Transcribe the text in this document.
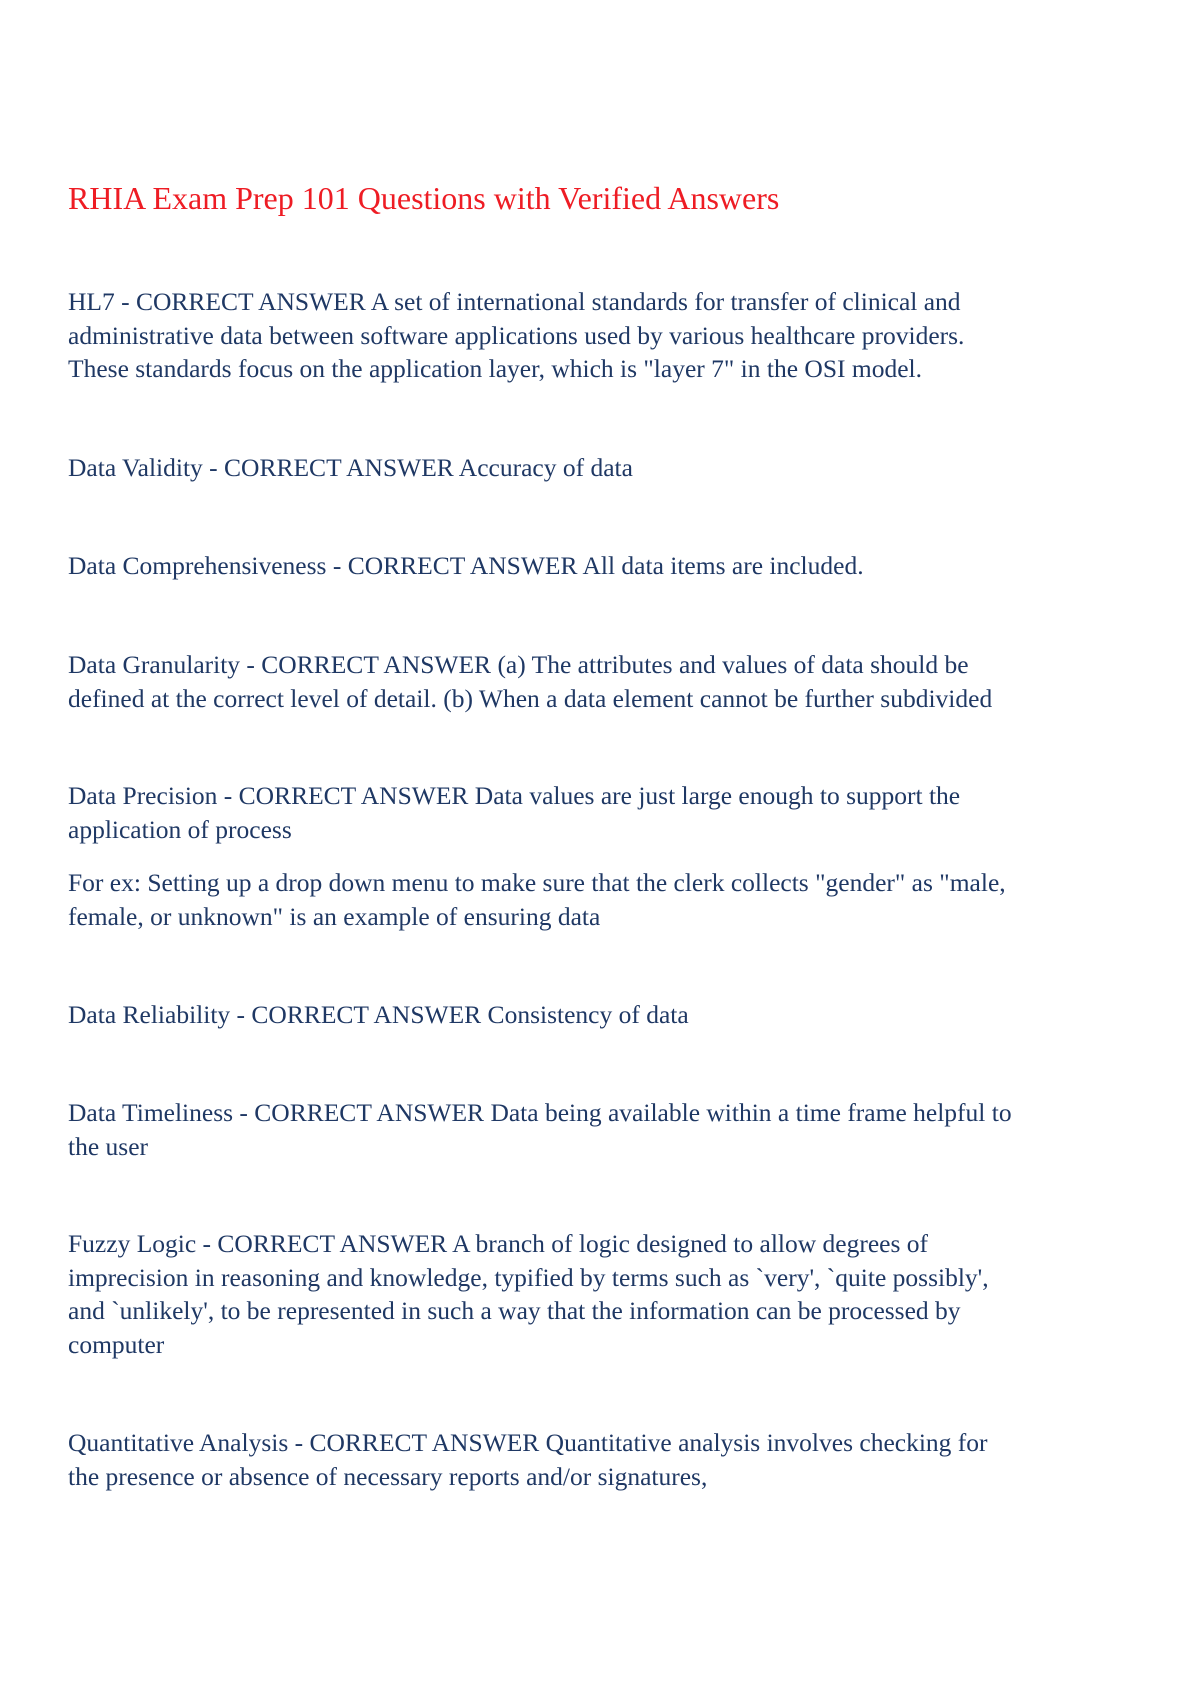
RHIA Exam Prep 101 Questions with Verified Answers

HL7 - CORRECT ANSWER A set of international standards for transfer of clinical and
administrative data between software applications used by various healthcare providers.
These standards focus on the application layer, which is "layer 7" in the OSI model.

Data Validity - CORRECT ANSWER Accuracy of data

Data Comprehensiveness - CORRECT ANSWER All data items are included.

Data Granularity - CORRECT ANSWER (a) The attributes and values of data should be
defined at the correct level of detail. (b) When a data element cannot be further subdivided

Data Precision - CORRECT ANSWER Data values are just large enough to support the
application of process

For ex: Setting up a drop down menu to make sure that the clerk collects "gender" as "male,
female, or unknown" is an example of ensuring data

Data Reliability - CORRECT ANSWER Consistency of data

Data Timeliness - CORRECT ANSWER Data being available within a time frame helpful to
the user

Fuzzy Logic - CORRECT ANSWER A branch of logic designed to allow degrees of
imprecision in reasoning and knowledge, typified by terms such as `very', `quite possibly',
and `unlikely', to be represented in such a way that the information can be processed by
computer

Quantitative Analysis - CORRECT ANSWER Quantitative analysis involves checking for
the presence or absence of necessary reports and/or signatures,
